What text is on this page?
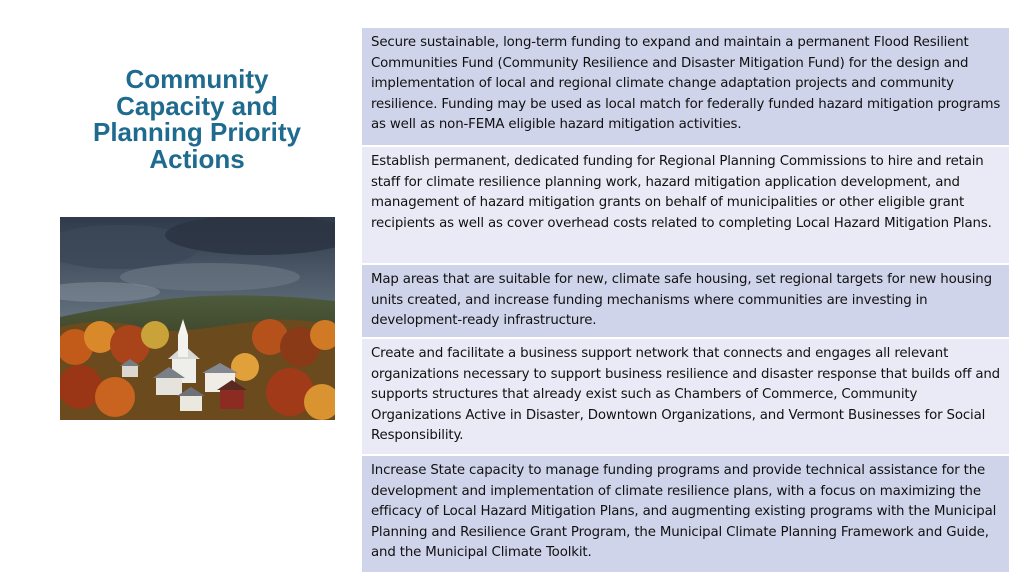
Community
Capacity and
Planning Priority
Actions
Secure sustainable, long-term funding to expand and maintain a permanent Flood Resilient Communities Fund (Community Resilience and Disaster Mitigation Fund) for the design and implementation of local and regional climate change adaptation projects and community resilience. Funding may be used as local match for federally funded hazard mitigation programs as well as non-FEMA eligible hazard mitigation activities.
Establish permanent, dedicated funding for Regional Planning Commissions to hire and retain staff for climate resilience planning work, hazard mitigation application development, and management of hazard mitigation grants on behalf of municipalities or other eligible grant recipients as well as cover overhead costs related to completing Local Hazard Mitigation Plans.
Map areas that are suitable for new, climate safe housing, set regional targets for new housing units created, and increase funding mechanisms where communities are investing in development-ready infrastructure.
Create and facilitate a business support network that connects and engages all relevant organizations necessary to support business resilience and disaster response that builds off and supports structures that already exist such as Chambers of Commerce, Community Organizations Active in Disaster, Downtown Organizations, and Vermont Businesses for Social Responsibility.
Increase State capacity to manage funding programs and provide technical assistance for the development and implementation of climate resilience plans, with a focus on maximizing the efficacy of Local Hazard Mitigation Plans, and augmenting existing programs with the Municipal Planning and Resilience Grant Program, the Municipal Climate Planning Framework and Guide, and the Municipal Climate Toolkit.
